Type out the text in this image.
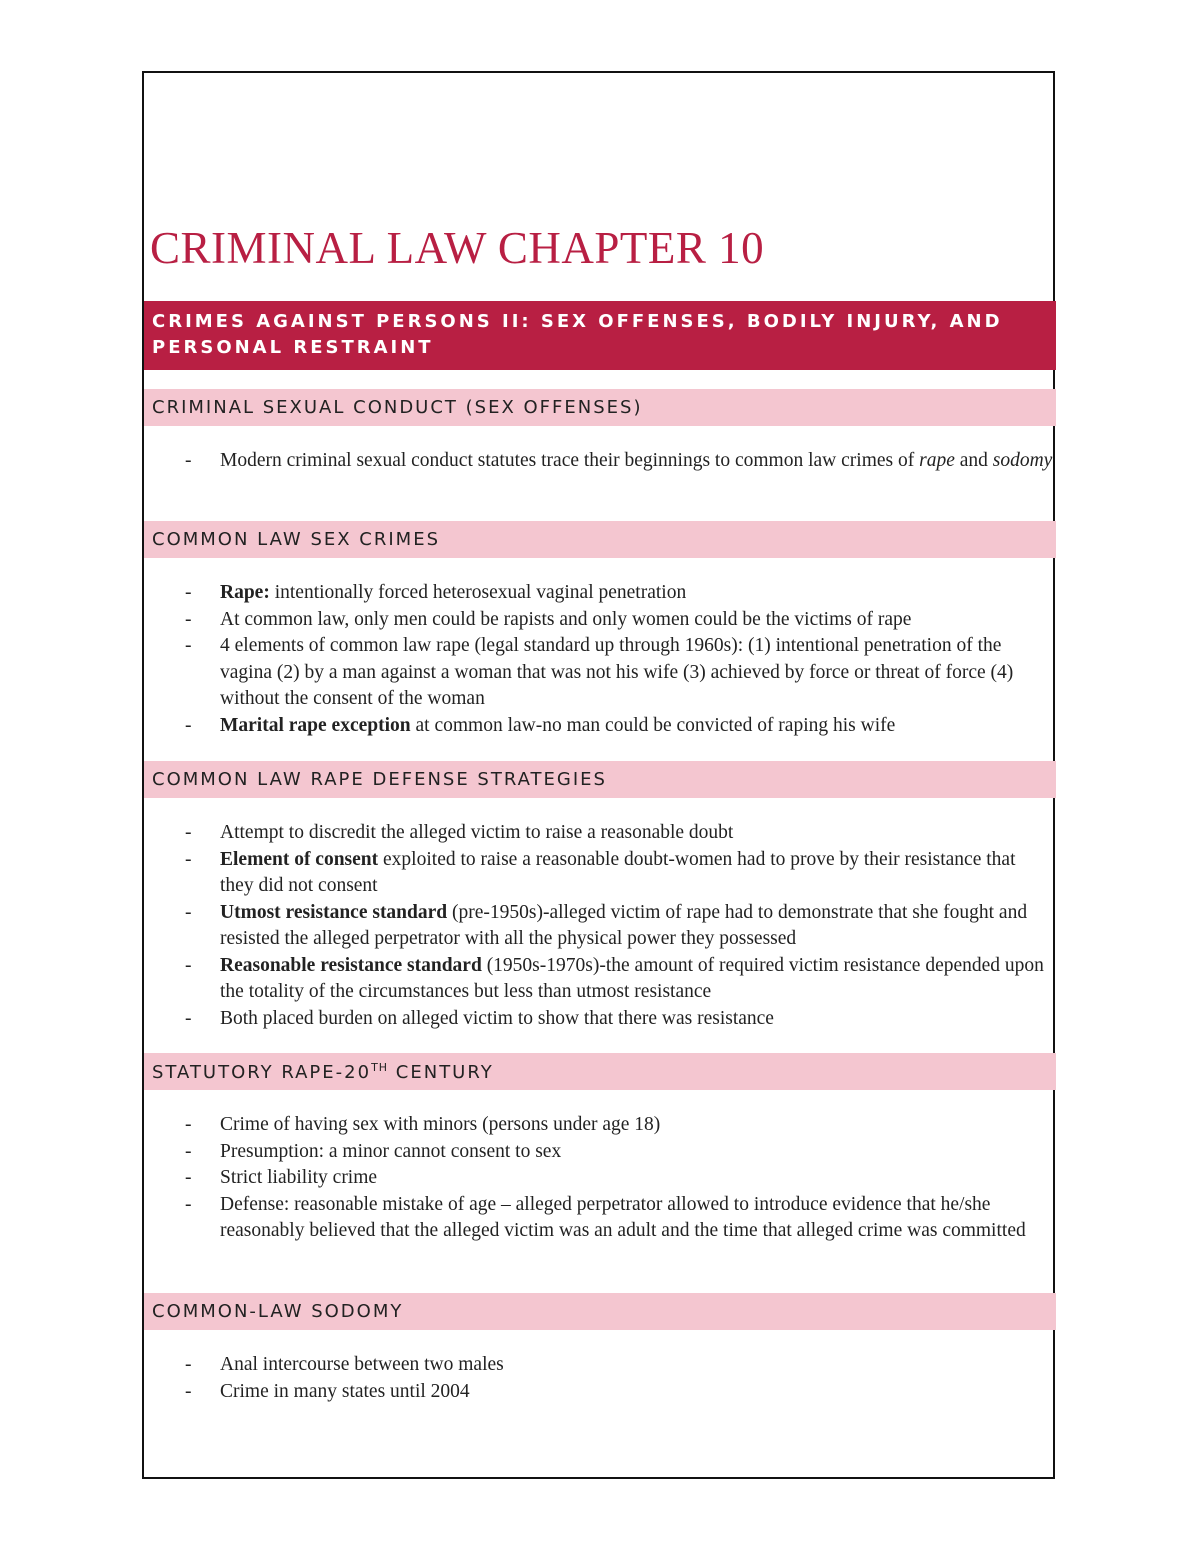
CRIMINAL LAW CHAPTER 10

CRIMES AGAINST PERSONS II: SEX OFFENSES, BODILY INJURY, AND PERSONAL RESTRAINT

CRIMINAL SEXUAL CONDUCT (SEX OFFENSES)
- Modern criminal sexual conduct statutes trace their beginnings to common law crimes of rape and sodomy
COMMON LAW SEX CRIMES
- Rape: intentionally forced heterosexual vaginal penetration
- At common law, only men could be rapists and only women could be the victims of rape
- 4 elements of common law rape (legal standard up through 1960s): (1) intentional penetration of the vagina (2) by a man against a woman that was not his wife (3) achieved by force or threat of force (4) without the consent of the woman
- Marital rape exception at common law-no man could be convicted of raping his wife
COMMON LAW RAPE DEFENSE STRATEGIES
- Attempt to discredit the alleged victim to raise a reasonable doubt
- Element of consent exploited to raise a reasonable doubt-women had to prove by their resistance that they did not consent
- Utmost resistance standard (pre-1950s)-alleged victim of rape had to demonstrate that she fought and resisted the alleged perpetrator with all the physical power they possessed
- Reasonable resistance standard (1950s-1970s)-the amount of required victim resistance depended upon the totality of the circumstances but less than utmost resistance
- Both placed burden on alleged victim to show that there was resistance
STATUTORY RAPE-20TH CENTURY
- Crime of having sex with minors (persons under age 18)
- Presumption: a minor cannot consent to sex
- Strict liability crime
- Defense: reasonable mistake of age – alleged perpetrator allowed to introduce evidence that he/she reasonably believed that the alleged victim was an adult and the time that alleged crime was committed
COMMON-LAW SODOMY
- Anal intercourse between two males
- Crime in many states until 2004
